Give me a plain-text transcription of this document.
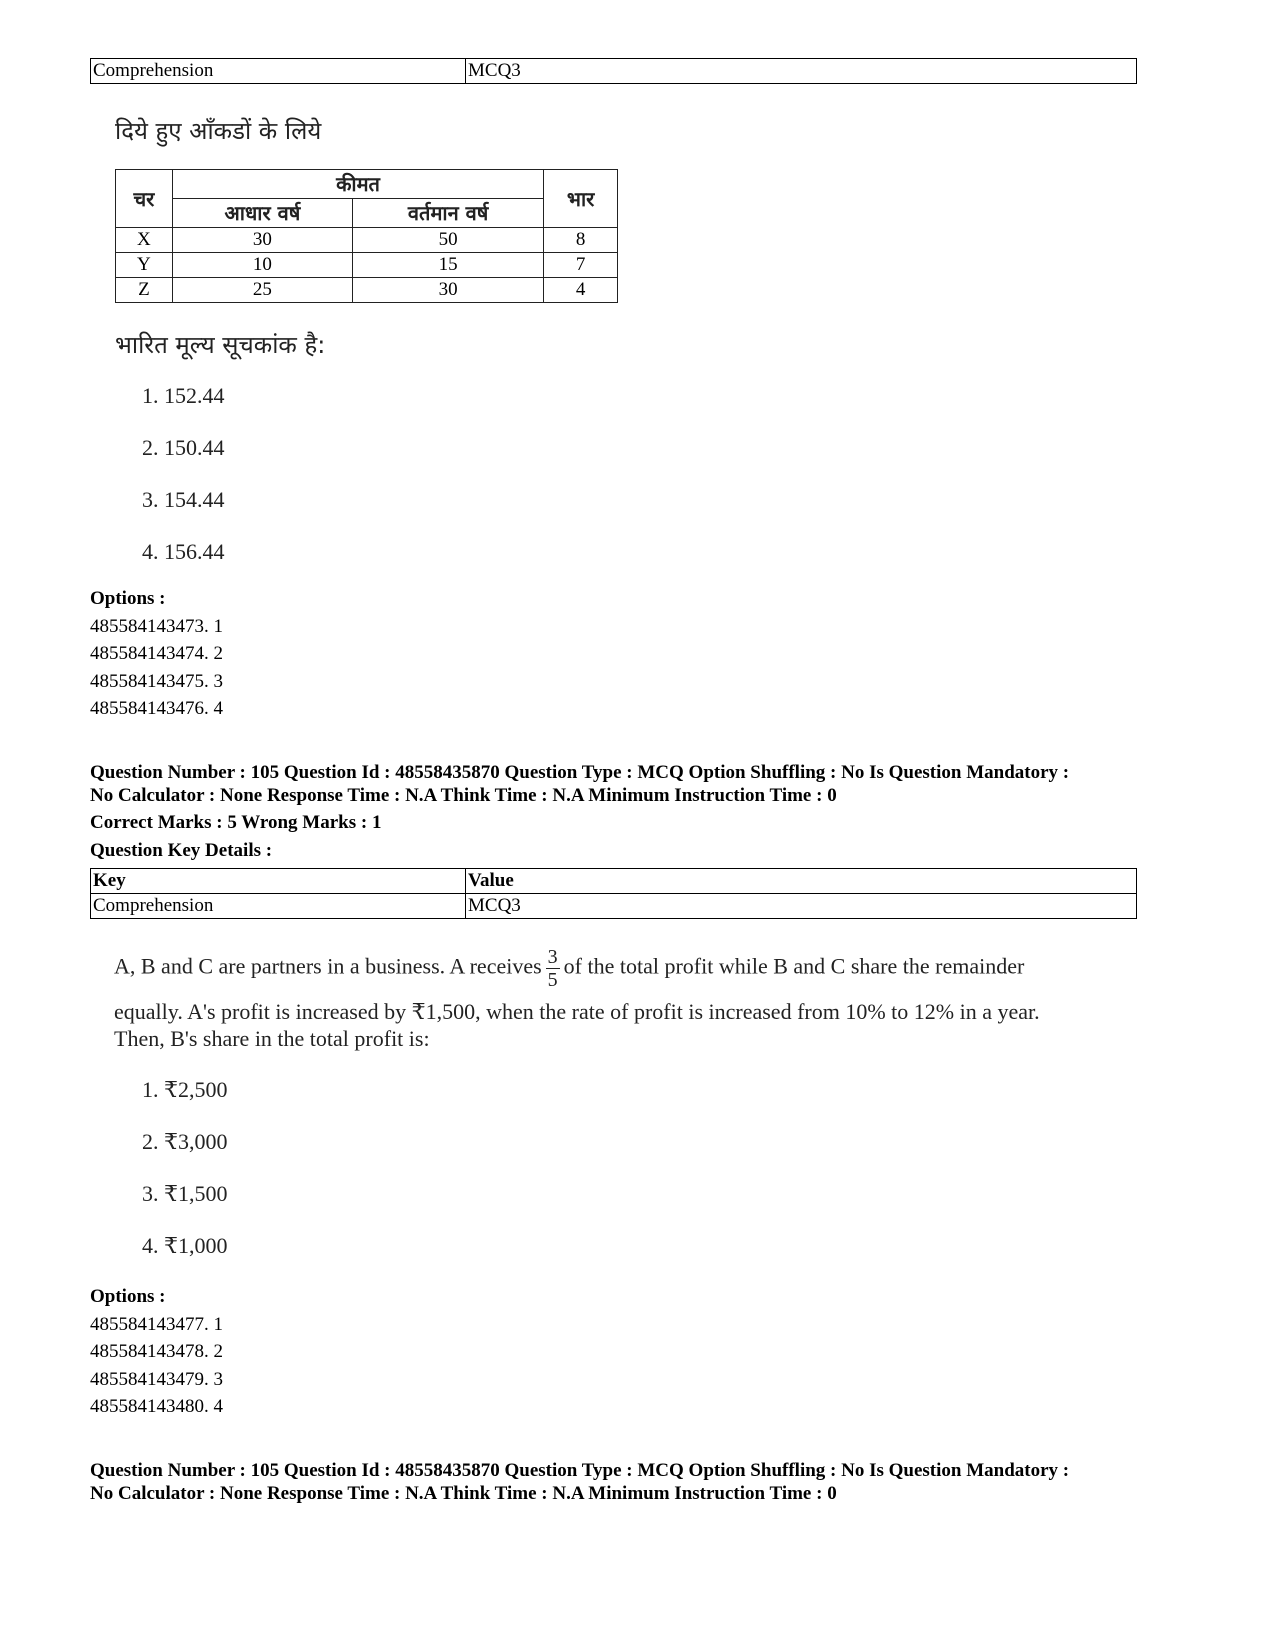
Comprehension	MCQ3
दिये हुए आँकडों के लिये
चर	कीमत		भार
	आधार वर्ष	वर्तमान वर्ष	
X	30	50	8
Y	10	15	7
Z	25	30	4
भारित मूल्य सूचकांक है:
1. 152.44
2. 150.44
3. 154.44
4. 156.44
Options :
485584143473. 1
485584143474. 2
485584143475. 3
485584143476. 4
Question Number : 105 Question Id : 48558435870 Question Type : MCQ Option Shuffling : No Is Question Mandatory :
No Calculator : None Response Time : N.A Think Time : N.A Minimum Instruction Time : 0
Correct Marks : 5 Wrong Marks : 1
Question Key Details :
Key	Value
Comprehension	MCQ3
A, B and C are partners in a business. A receives $\frac{3}{5}$ of the total profit while B and C share the remainder
equally. A's profit is increased by ₹1,500, when the rate of profit is increased from 10% to 12% in a year.
Then, B's share in the total profit is:
1. ₹2,500
2. ₹3,000
3. ₹1,500
4. ₹1,000
Options :
485584143477. 1
485584143478. 2
485584143479. 3
485584143480. 4
Question Number : 105 Question Id : 48558435870 Question Type : MCQ Option Shuffling : No Is Question Mandatory :
No Calculator : None Response Time : N.A Think Time : N.A Minimum Instruction Time : 0
